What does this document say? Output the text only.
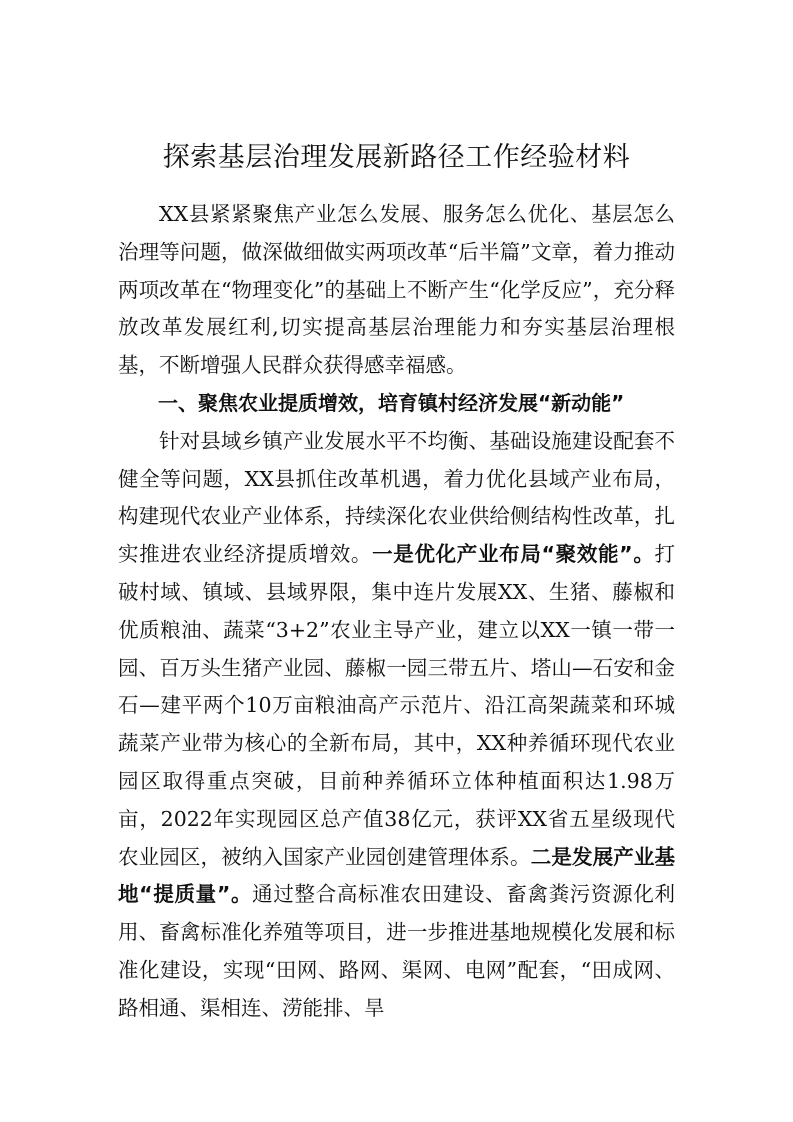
探索基层治理发展新路径工作经验材料

XX县紧紧聚焦产业怎么发展、服务怎么优化、基层怎么治理等问题，做深做细做实两项改革“后半篇”文章，着力推动两项改革在“物理变化”的基础上不断产生“化学反应”，充分释放改革发展红利,切实提高基层治理能力和夯实基层治理根基，不断增强人民群众获得感幸福感。

一、聚焦农业提质增效，培育镇村经济发展“新动能”

针对县域乡镇产业发展水平不均衡、基础设施建设配套不健全等问题，XX县抓住改革机遇，着力优化县域产业布局，构建现代农业产业体系，持续深化农业供给侧结构性改革，扎实推进农业经济提质增效。一是优化产业布局“聚效能”。打破村域、镇域、县域界限，集中连片发展XX、生猪、藤椒和优质粮油、蔬菜“3+2”农业主导产业，建立以XX一镇一带一园、百万头生猪产业园、藤椒一园三带五片、塔山—石安和金石—建平两个10万亩粮油高产示范片、沿江高架蔬菜和环城蔬菜产业带为核心的全新布局，其中，XX种养循环现代农业园区取得重点突破，目前种养循环立体种植面积达1.98万亩，2022年实现园区总产值38亿元，获评XX省五星级现代农业园区，被纳入国家产业园创建管理体系。二是发展产业基地“提质量”。通过整合高标准农田建设、畜禽粪污资源化利用、畜禽标准化养殖等项目，进一步推进基地规模化发展和标准化建设，实现“田网、路网、渠网、电网”配套，“田成网、路相通、渠相连、涝能排、旱
